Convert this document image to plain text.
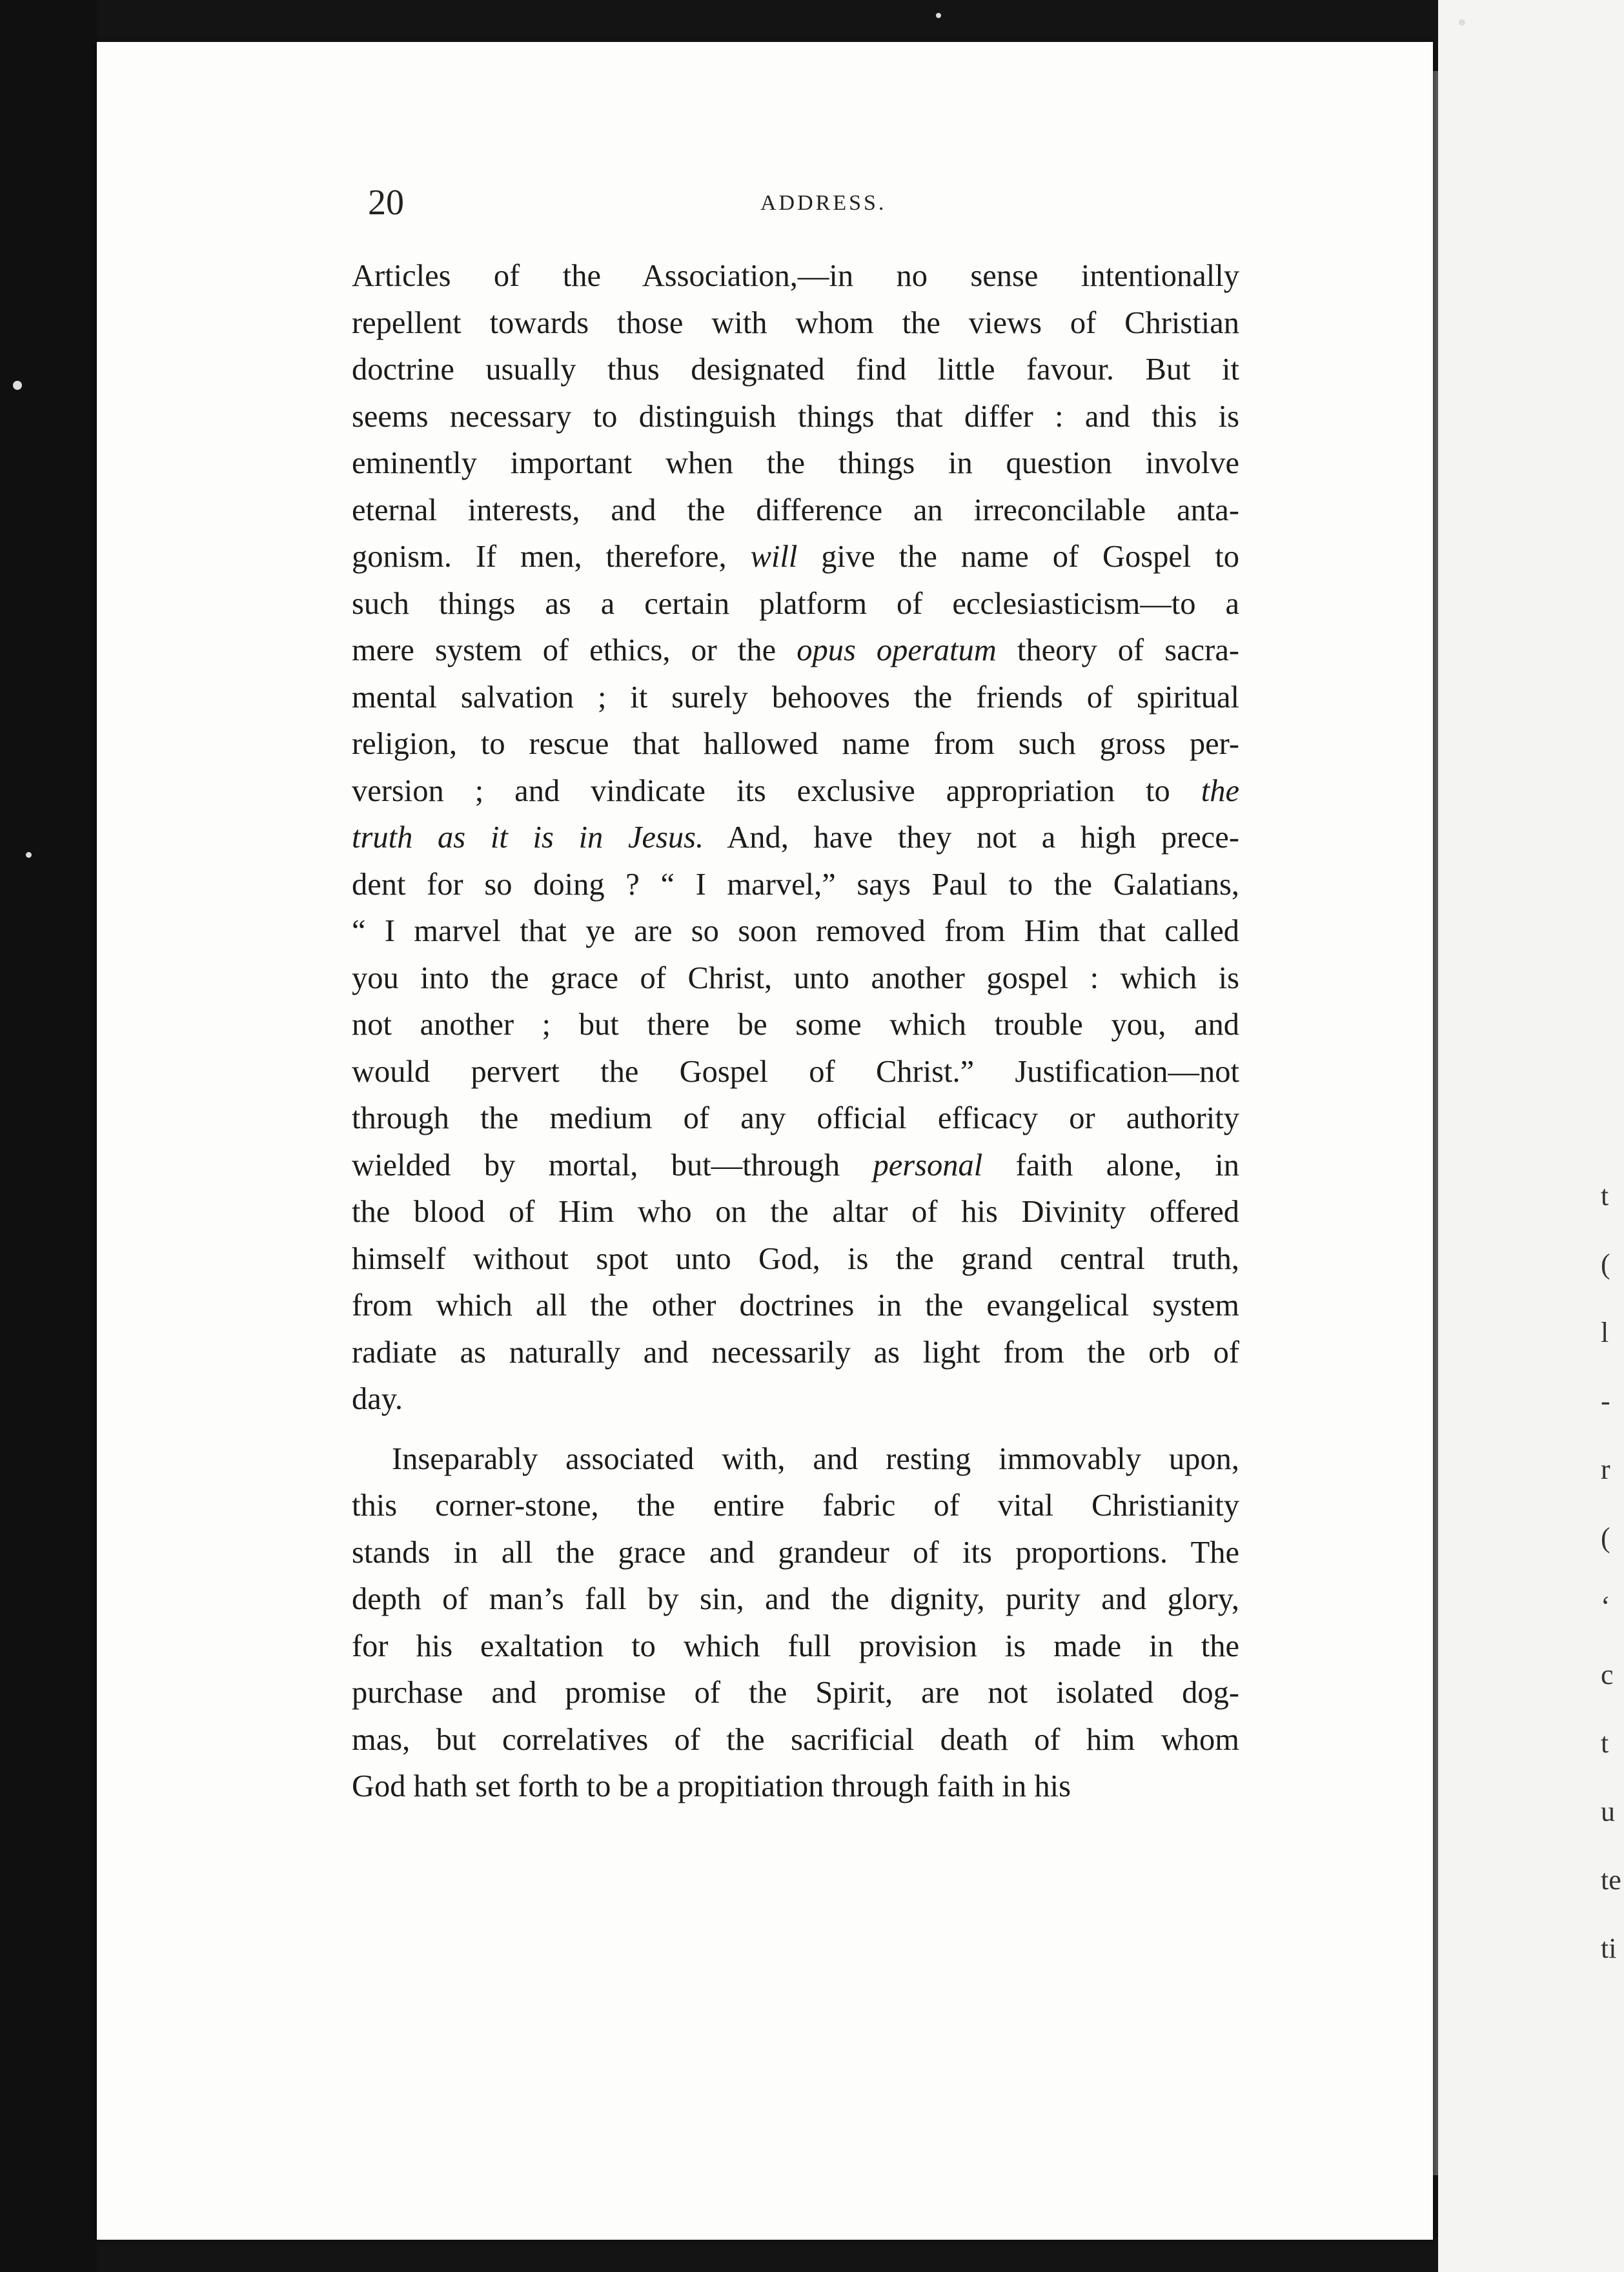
20	ADDRESS.
Articles of the Association,—in no sense intentionally
repellent towards those with whom the views of Christian
doctrine usually thus designated find little favour. But it
seems necessary to distinguish things that differ : and this is
eminently important when the things in question involve
eternal interests, and the difference an irreconcilable anta-
gonism. If men, therefore, will give the name of Gospel to
such things as a certain platform of ecclesiasticism—to a
mere system of ethics, or the opus operatum theory of sacra-
mental salvation ; it surely behooves the friends of spiritual
religion, to rescue that hallowed name from such gross per-
version ; and vindicate its exclusive appropriation to the
truth as it is in Jesus. And, have they not a high prece-
dent for so doing ? “ I marvel,” says Paul to the Galatians,
“ I marvel that ye are so soon removed from Him that called
you into the grace of Christ, unto another gospel : which is
not another ; but there be some which trouble you, and
would pervert the Gospel of Christ.” Justification—not
through the medium of any official efficacy or authority
wielded by mortal, but—through personal faith alone, in
the blood of Him who on the altar of his Divinity offered
himself without spot unto God, is the grand central truth,
from which all the other doctrines in the evangelical system
radiate as naturally and necessarily as light from the orb of
day.
Inseparably associated with, and resting immovably upon,
this corner-stone, the entire fabric of vital Christianity
stands in all the grace and grandeur of its proportions. The
depth of man’s fall by sin, and the dignity, purity and glory,
for his exaltation to which full provision is made in the
purchase and promise of the Spirit, are not isolated dog-
mas, but correlatives of the sacrificial death of him whom
God hath set forth to be a propitiation through faith in his
t
(
l
-
r
(
‘
c
t
u
te
ti
